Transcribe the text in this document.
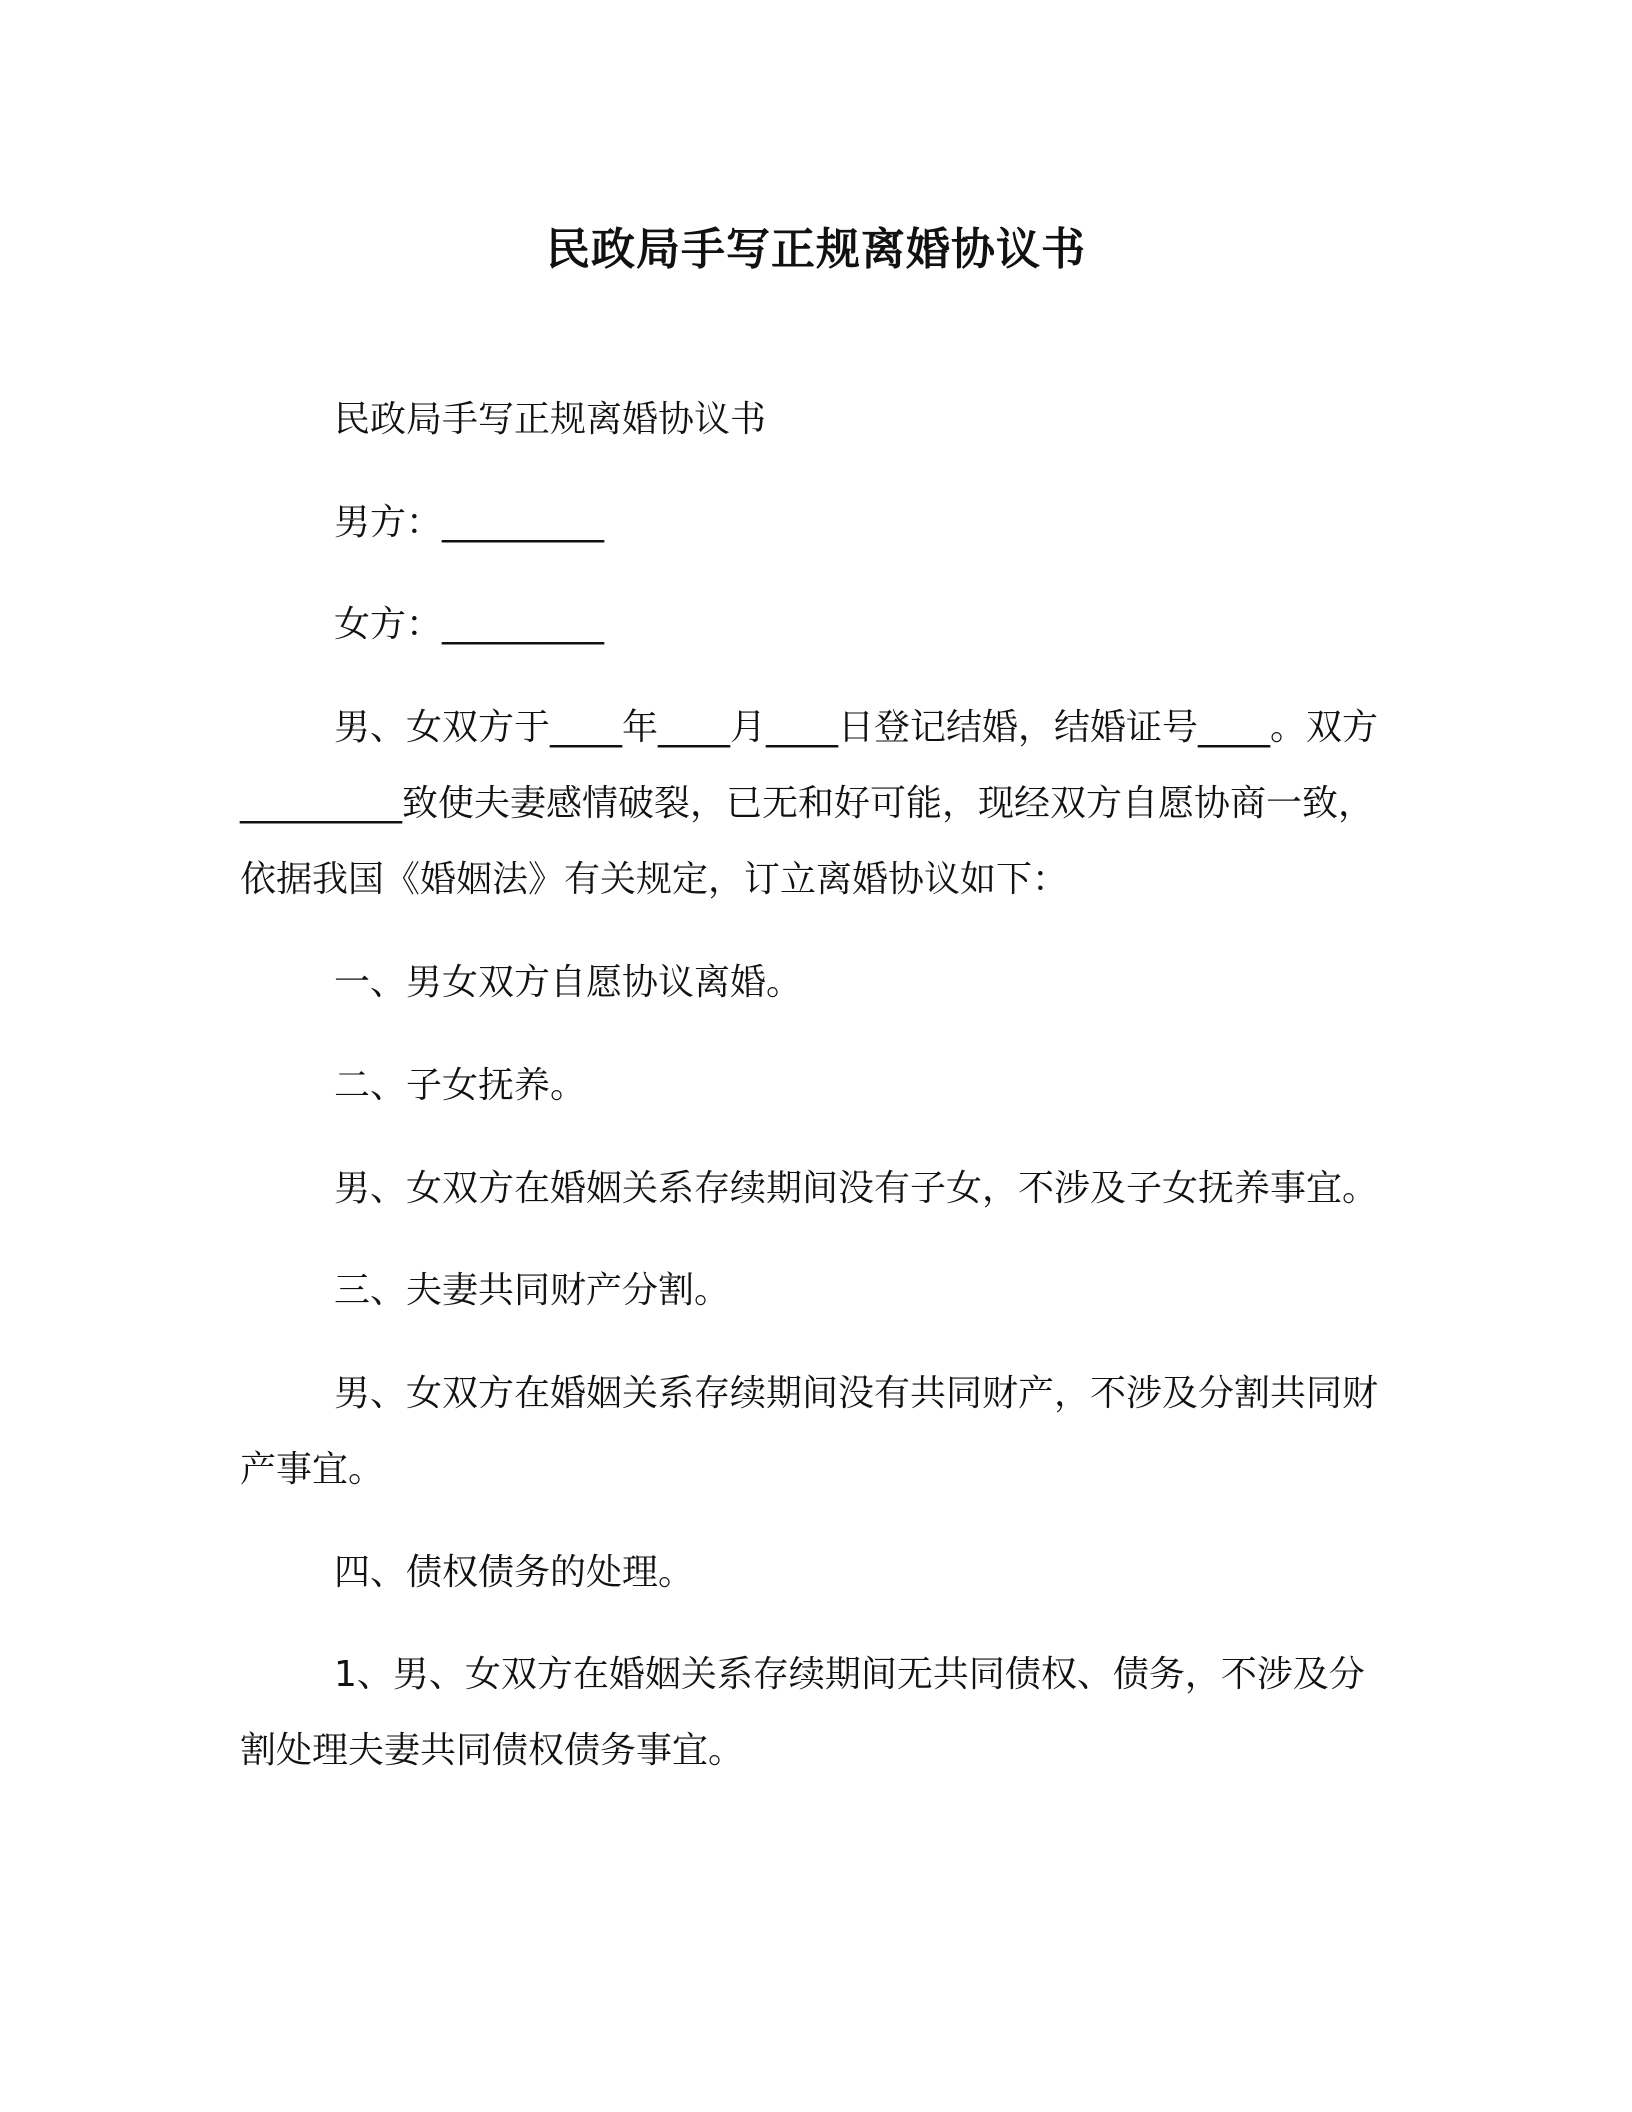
民政局手写正规离婚协议书

民政局手写正规离婚协议书

男方：_________

女方：_________

男、女双方于____年____月____日登记结婚，结婚证号____。双方_________致使夫妻感情破裂，已无和好可能，现经双方自愿协商一致，依据我国《婚姻法》有关规定，订立离婚协议如下：

一、男女双方自愿协议离婚。

二、子女抚养。

男、女双方在婚姻关系存续期间没有子女，不涉及子女抚养事宜。

三、夫妻共同财产分割。

男、女双方在婚姻关系存续期间没有共同财产，不涉及分割共同财产事宜。

四、债权债务的处理。

1、男、女双方在婚姻关系存续期间无共同债权、债务，不涉及分割处理夫妻共同债权债务事宜。
